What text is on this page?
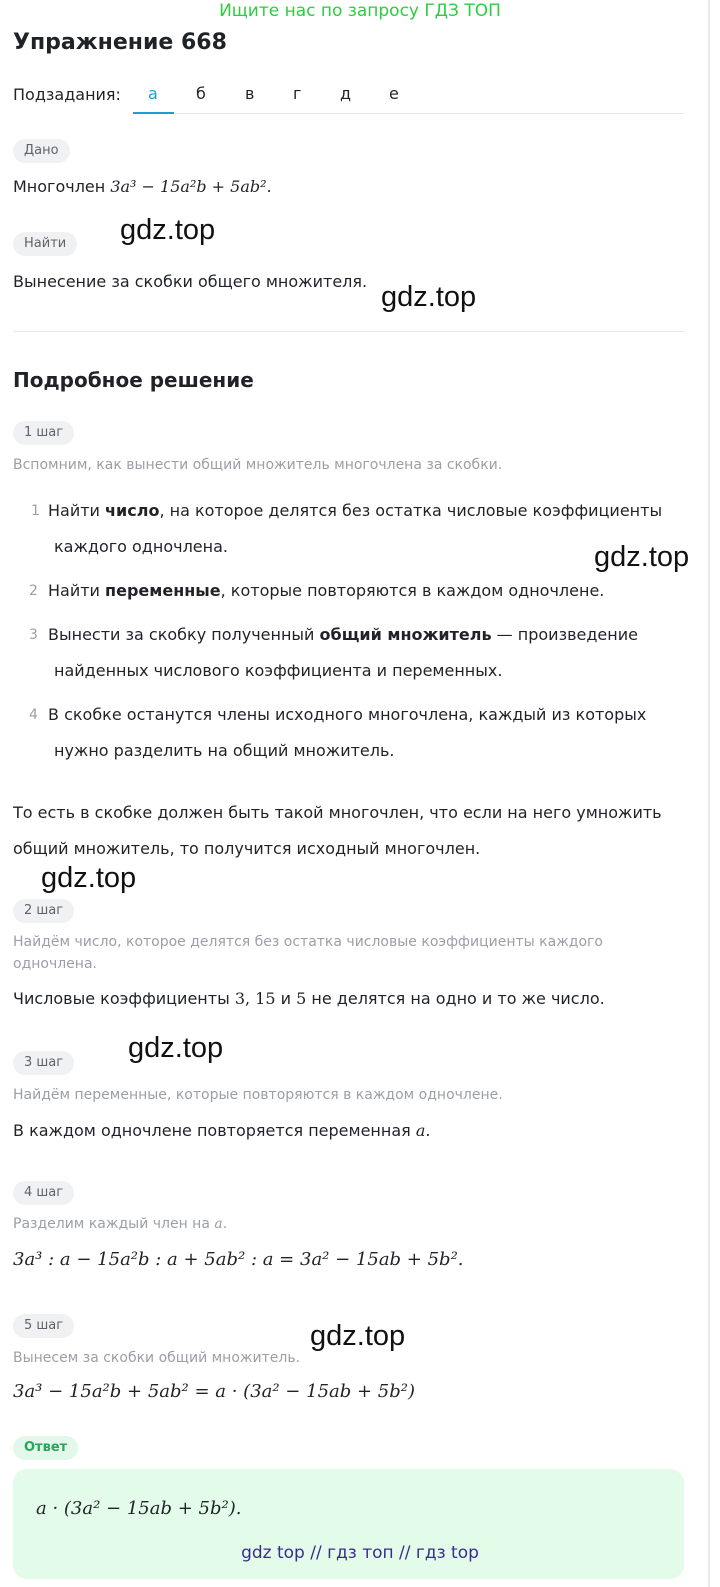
Ищите нас по запросу ГДЗ ТОП
Упражнение 668
Подзадания: а б в г д е
Дано
Многочлен 3a³ − 15a²b + 5ab².
Найти
Вынесение за скобки общего множителя.
Подробное решение
1 шаг
Вспомним, как вынести общий множитель многочлена за скобки.
1 Найти число, на которое делятся без остатка числовые коэффициенты
каждого одночлена.
2 Найти переменные, которые повторяются в каждом одночлене.
3 Вынести за скобку полученный общий множитель — произведение
найденных числового коэффициента и переменных.
4 В скобке останутся члены исходного многочлена, каждый из которых
нужно разделить на общий множитель.
То есть в скобке должен быть такой многочлен, что если на него умножить
общий множитель, то получится исходный многочлен.
2 шаг
Найдём число, которое делятся без остатка числовые коэффициенты каждого
одночлена.
Числовые коэффициенты 3, 15 и 5 не делятся на одно и то же число.
3 шаг
Найдём переменные, которые повторяются в каждом одночлене.
В каждом одночлене повторяется переменная a.
4 шаг
Разделим каждый член на a.
3a³ : a − 15a²b : a + 5ab² : a = 3a² − 15ab + 5b².
5 шаг
Вынесем за скобки общий множитель.
3a³ − 15a²b + 5ab² = a · (3a² − 15ab + 5b²)
Ответ
a · (3a² − 15ab + 5b²).
gdz.top
gdz.top
gdz.top
gdz.top
gdz.top
gdz.top
gdz top // гдз топ // гдз top
